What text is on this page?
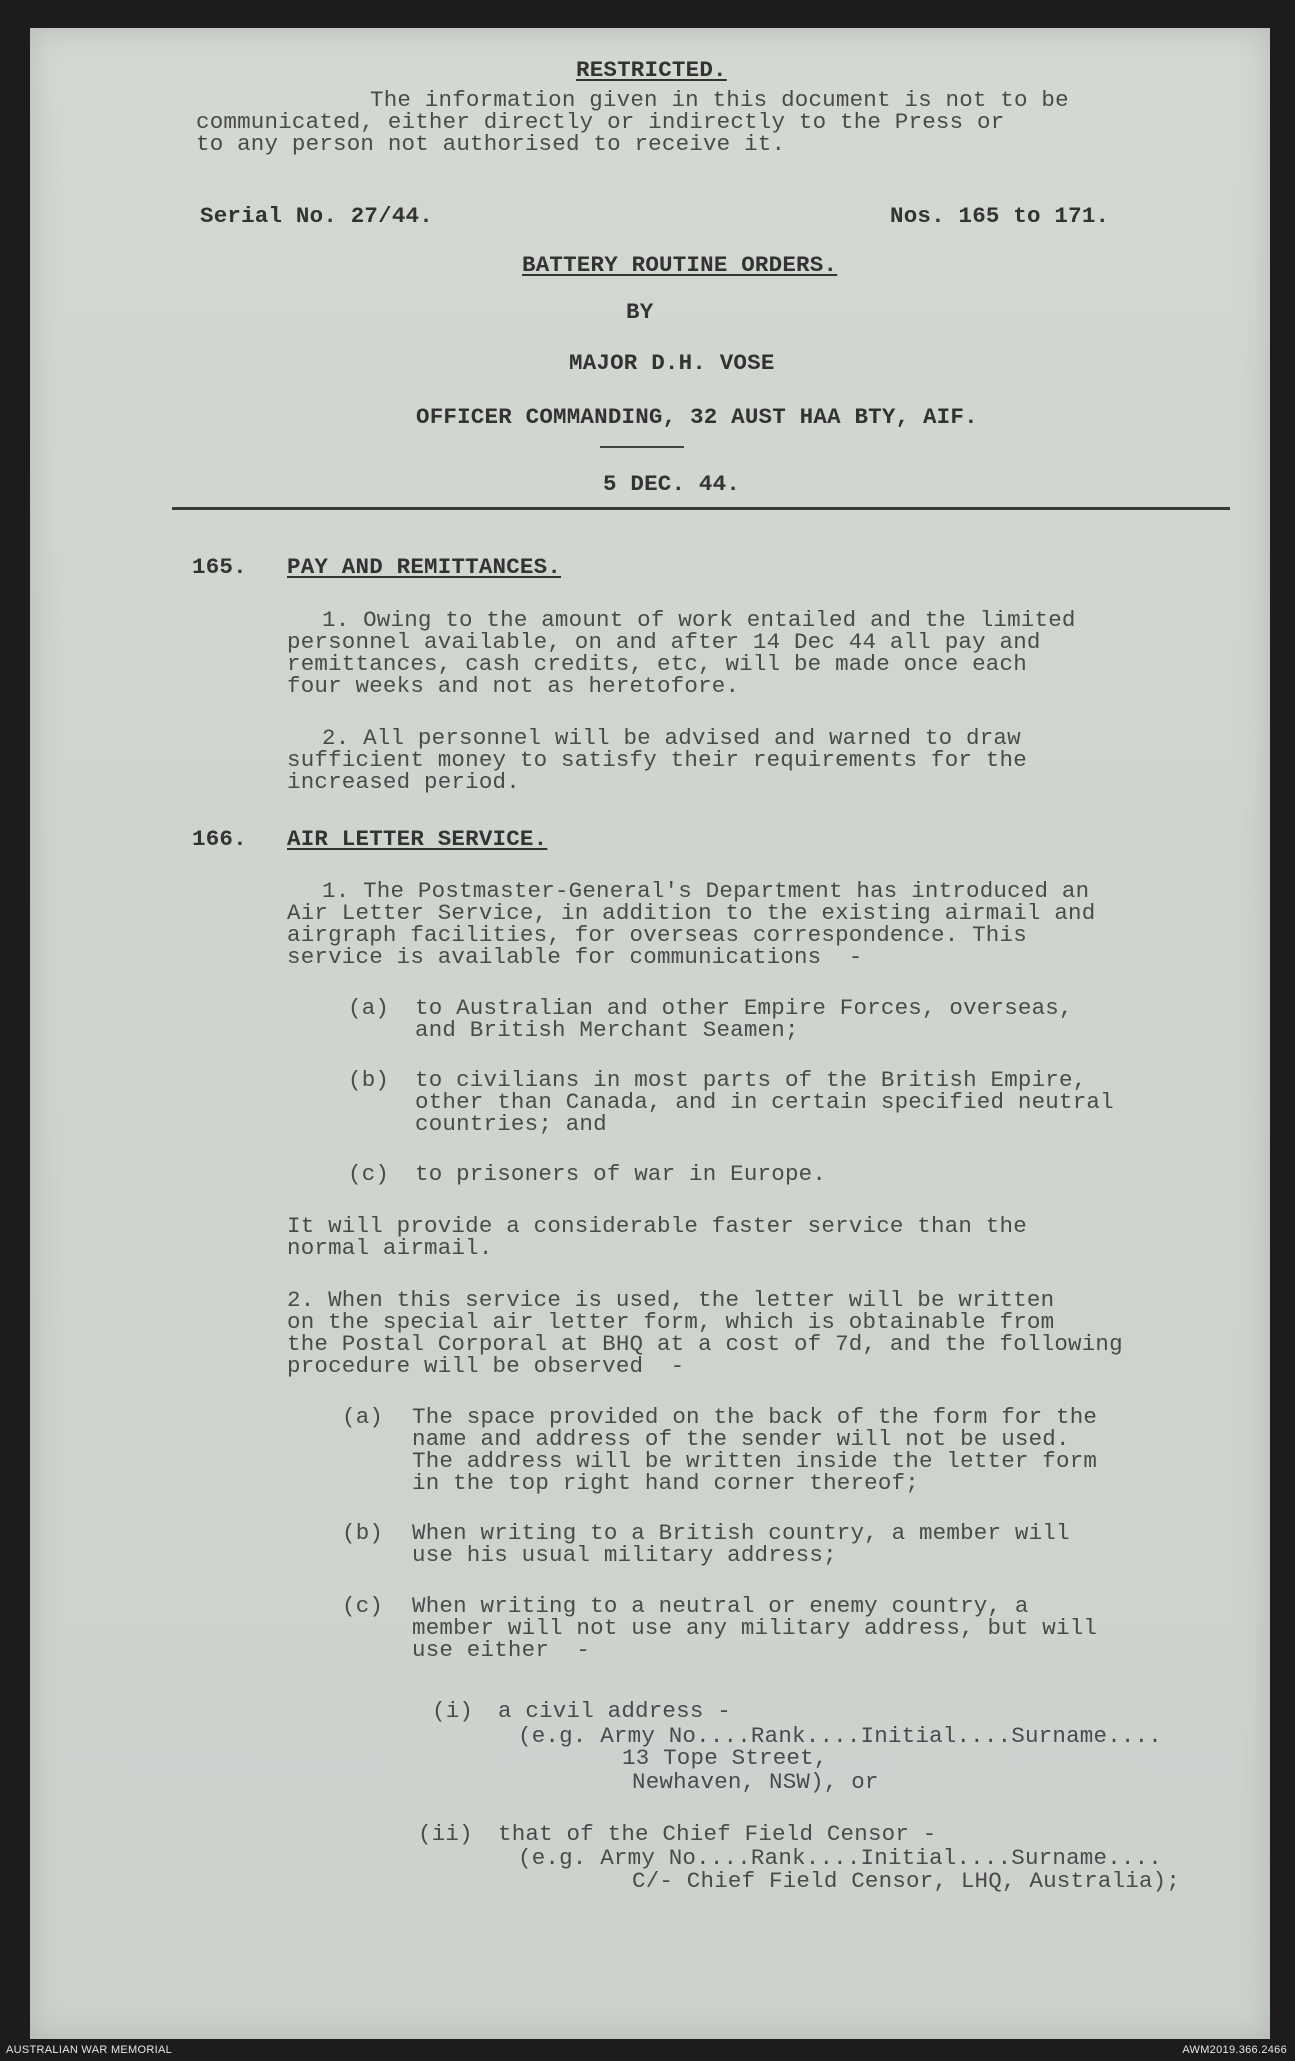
RESTRICTED.
The information given in this document is not to be
communicated, either directly or indirectly to the Press or
to any person not authorised to receive it.
Serial No. 27/44.	Nos. 165 to 171.
BATTERY ROUTINE ORDERS.
BY
MAJOR D.H. VOSE
OFFICER COMMANDING, 32 AUST HAA BTY, AIF.
5 DEC. 44.
165. PAY AND REMITTANCES.
1. Owing to the amount of work entailed and the limited
personnel available, on and after 14 Dec 44 all pay and
remittances, cash credits, etc, will be made once each
four weeks and not as heretofore.
2. All personnel will be advised and warned to draw
sufficient money to satisfy their requirements for the
increased period.
166. AIR LETTER SERVICE.
1. The Postmaster-General's Department has introduced an
Air Letter Service, in addition to the existing airmail and
airgraph facilities, for overseas correspondence. This
service is available for communications  -
(a) to Australian and other Empire Forces, overseas,
and British Merchant Seamen;
(b) to civilians in most parts of the British Empire,
other than Canada, and in certain specified neutral
countries; and
(c) to prisoners of war in Europe.
It will provide a considerable faster service than the
normal airmail.
2. When this service is used, the letter will be written
on the special air letter form, which is obtainable from
the Postal Corporal at BHQ at a cost of 7d, and the following
procedure will be observed  -
(a) The space provided on the back of the form for the
name and address of the sender will not be used.
The address will be written inside the letter form
in the top right hand corner thereof;
(b) When writing to a British country, a member will
use his usual military address;
(c) When writing to a neutral or enemy country, a
member will not use any military address, but will
use either  -
(i) a civil address -
(e.g. Army No....Rank....Initial....Surname....
13 Tope Street,
Newhaven, NSW), or
(ii) that of the Chief Field Censor -
(e.g. Army No....Rank....Initial....Surname....
C/- Chief Field Censor, LHQ, Australia);
AUSTRALIAN WAR MEMORIAL	AWM2019.366.2466
